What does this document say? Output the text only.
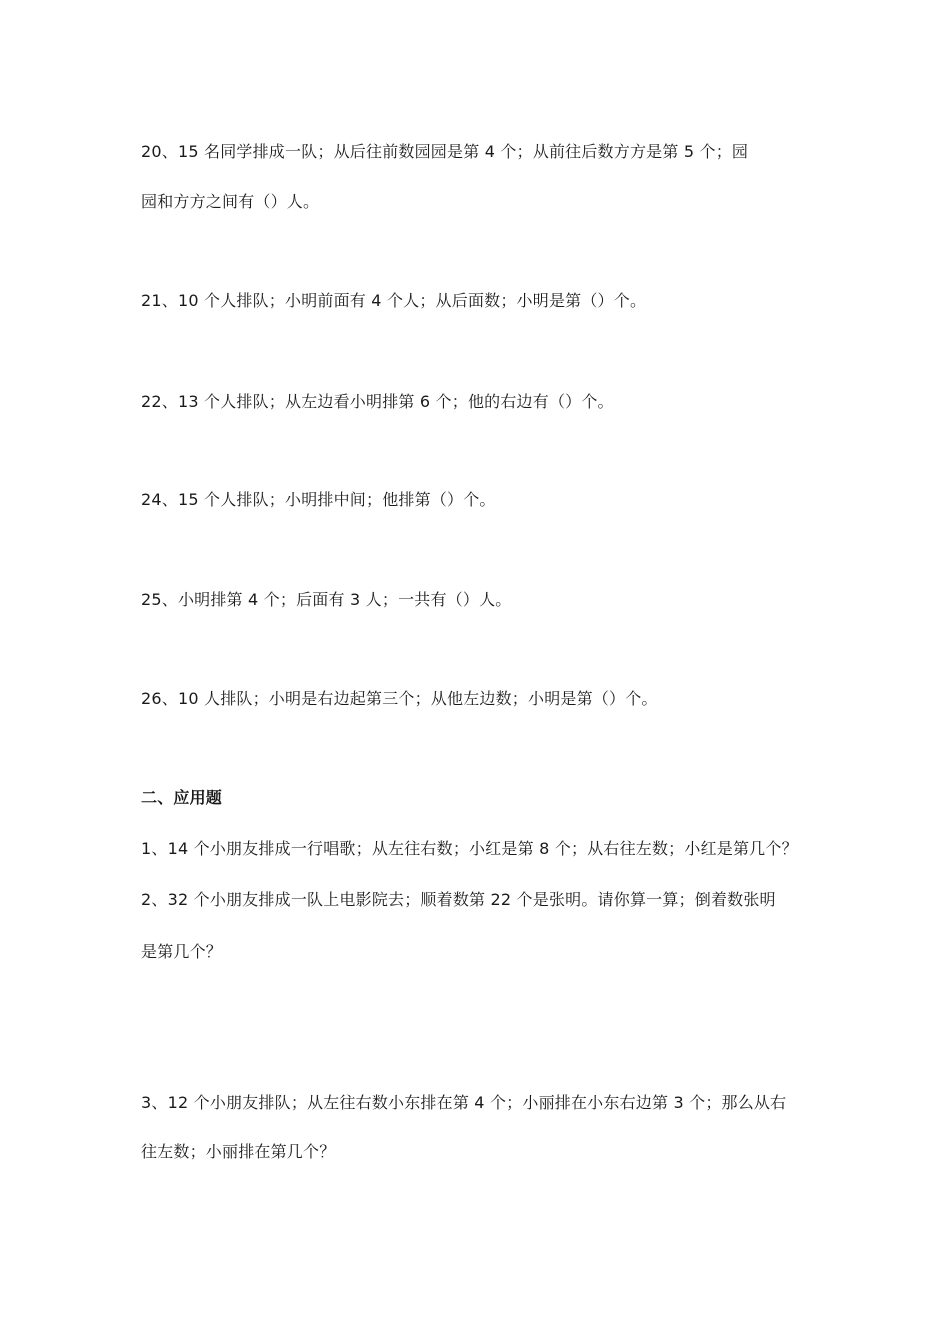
20、15 名同学排成一队；从后往前数园园是第 4 个；从前往后数方方是第 5 个；园
园和方方之间有（）人。
21、10 个人排队；小明前面有 4 个人；从后面数；小明是第（）个。
22、13 个人排队；从左边看小明排第 6 个；他的右边有（）个。
24、15 个人排队；小明排中间；他排第（）个。
25、小明排第 4 个；后面有 3 人；一共有（）人。
26、10 人排队；小明是右边起第三个；从他左边数；小明是第（）个。
二、应用题
1、14 个小朋友排成一行唱歌；从左往右数；小红是第 8 个；从右往左数；小红是第几个？
2、32 个小朋友排成一队上电影院去；顺着数第 22 个是张明。请你算一算；倒着数张明
是第几个？
3、12 个小朋友排队；从左往右数小东排在第 4 个；小丽排在小东右边第 3 个；那么从右
往左数；小丽排在第几个？
